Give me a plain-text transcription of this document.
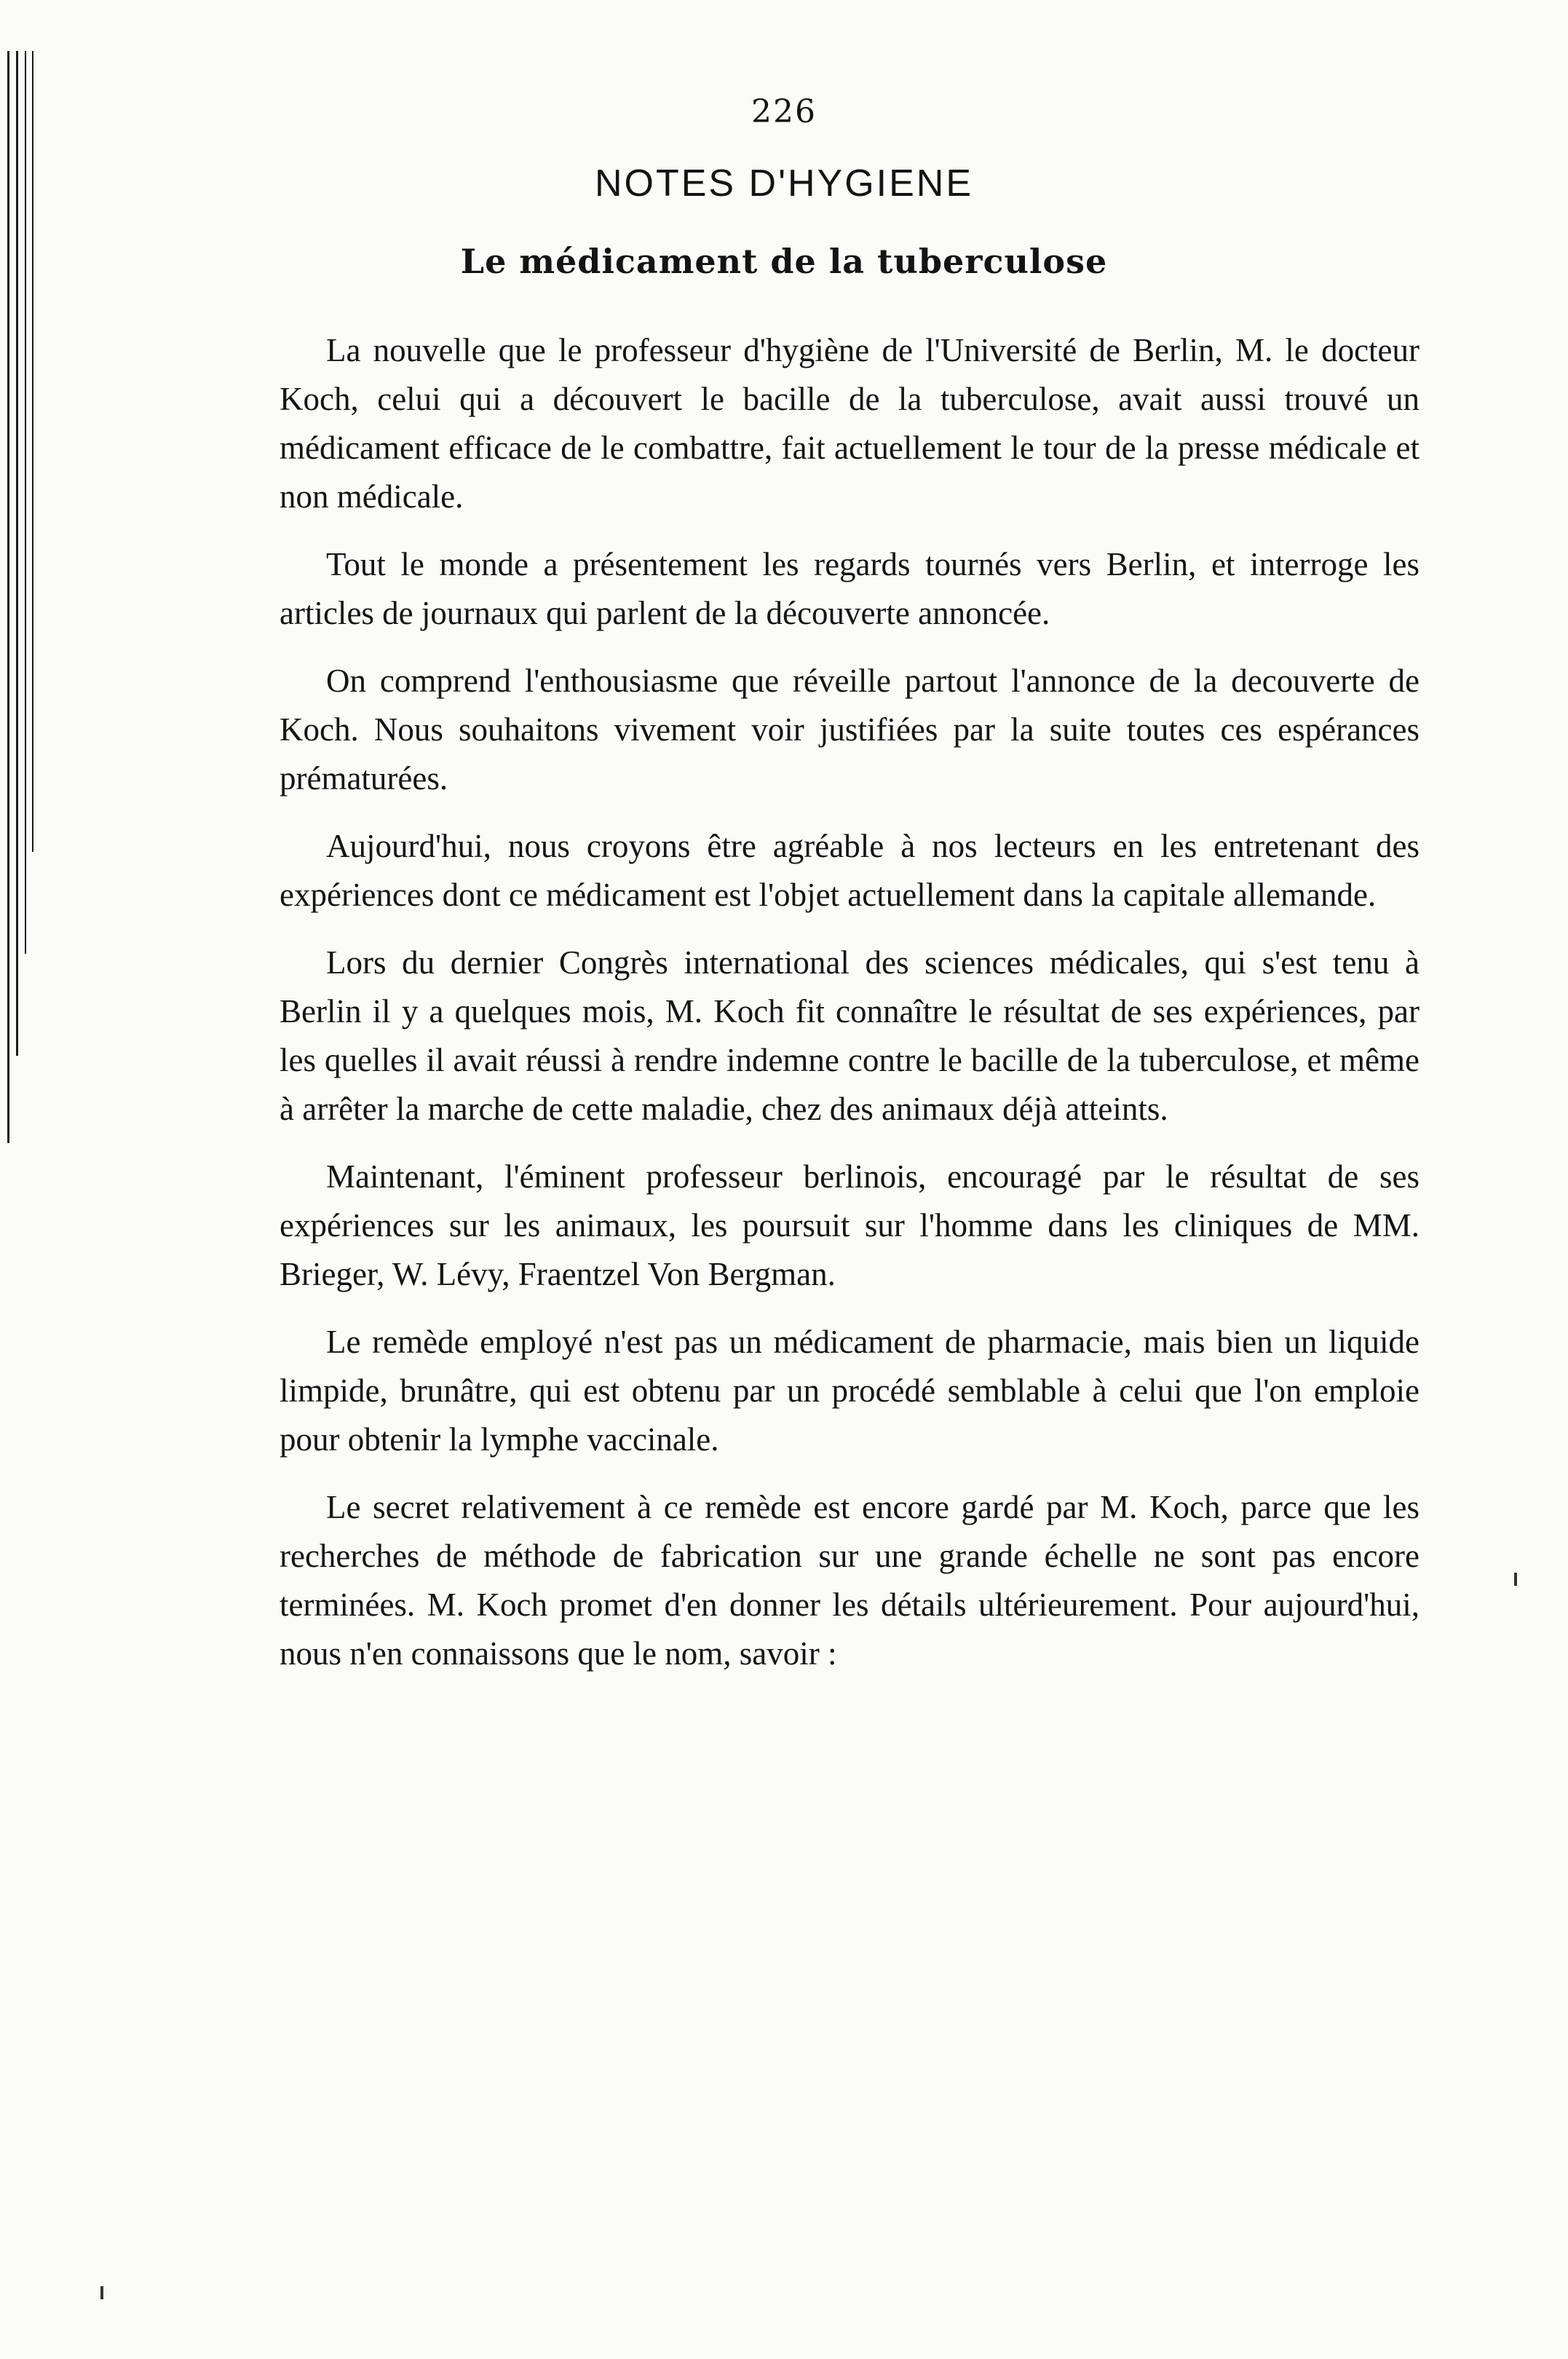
226
NOTES D'HYGIENE
Le médicament de la tuberculose

La nouvelle que le professeur d'hygiène de l'Université de Berlin, M. le docteur Koch, celui qui a découvert le bacille de la tuberculose, avait aussi trouvé un médicament efficace de le combattre, fait actuellement le tour de la presse médicale et non médicale.

Tout le monde a présentement les regards tournés vers Berlin, et interroge les articles de journaux qui parlent de la découverte annoncée.

On comprend l'enthousiasme que réveille partout l'annonce de la decouverte de Koch. Nous souhaitons vivement voir justifiées par la suite toutes ces espérances prématurées.

Aujourd'hui, nous croyons être agréable à nos lecteurs en les entretenant des expériences dont ce médicament est l'objet actuellement dans la capitale allemande.

Lors du dernier Congrès international des sciences médicales, qui s'est tenu à Berlin il y a quelques mois, M. Koch fit connaître le résultat de ses expériences, par les quelles il avait réussi à rendre indemne contre le bacille de la tuberculose, et même à arrêter la marche de cette maladie, chez des animaux déjà atteints.

Maintenant, l'éminent professeur berlinois, encouragé par le résultat de ses expériences sur les animaux, les poursuit sur l'homme dans les cliniques de MM. Brieger, W. Lévy, Fraentzel Von Bergman.

Le remède employé n'est pas un médicament de pharmacie, mais bien un liquide limpide, brunâtre, qui est obtenu par un procédé semblable à celui que l'on emploie pour obtenir la lymphe vaccinale.

Le secret relativement à ce remède est encore gardé par M. Koch, parce que les recherches de méthode de fabrication sur une grande échelle ne sont pas encore terminées. M. Koch promet d'en donner les détails ultérieurement. Pour aujourd'hui, nous n'en connaissons que le nom, savoir :
